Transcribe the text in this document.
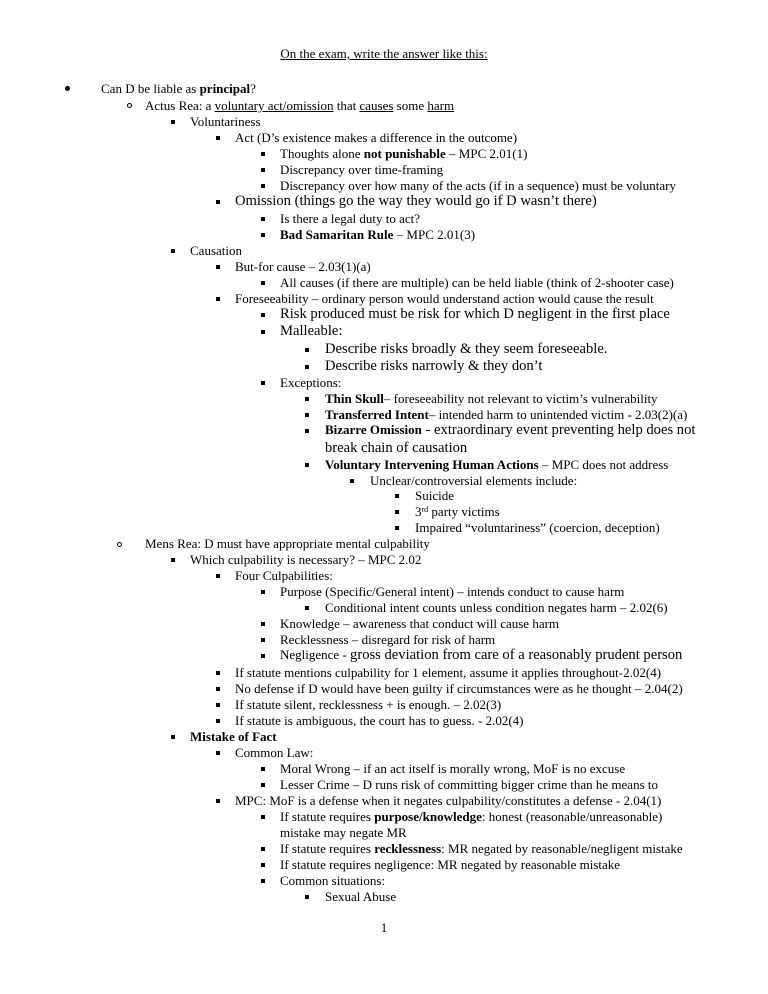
On the exam, write the answer like this:
Can D be liable as principal?
Actus Rea: a voluntary act/omission that causes some harm
Voluntariness
Act (D’s existence makes a difference in the outcome)
Thoughts alone not punishable – MPC 2.01(1)
Discrepancy over time-framing
Discrepancy over how many of the acts (if in a sequence) must be voluntary
Omission (things go the way they would go if D wasn’t there)
Is there a legal duty to act?
Bad Samaritan Rule – MPC 2.01(3)
Causation
But-for cause – 2.03(1)(a)
All causes (if there are multiple) can be held liable (think of 2-shooter case)
Foreseeability – ordinary person would understand action would cause the result
Risk produced must be risk for which D negligent in the first place
Malleable:
Describe risks broadly & they seem foreseeable.
Describe risks narrowly & they don’t
Exceptions:
Thin Skull– foreseeability not relevant to victim’s vulnerability
Transferred Intent– intended harm to unintended victim - 2.03(2)(a)
Bizarre Omission - extraordinary event preventing help does not
break chain of causation
Voluntary Intervening Human Actions – MPC does not address
Unclear/controversial elements include:
Suicide
3rd party victims
Impaired “voluntariness” (coercion, deception)
Mens Rea: D must have appropriate mental culpability
Which culpability is necessary? – MPC 2.02
Four Culpabilities:
Purpose (Specific/General intent) – intends conduct to cause harm
Conditional intent counts unless condition negates harm – 2.02(6)
Knowledge – awareness that conduct will cause harm
Recklessness – disregard for risk of harm
Negligence - gross deviation from care of a reasonably prudent person
If statute mentions culpability for 1 element, assume it applies throughout-2.02(4)
No defense if D would have been guilty if circumstances were as he thought – 2.04(2)
If statute silent, recklessness + is enough. – 2.02(3)
If statute is ambiguous, the court has to guess. - 2.02(4)
Mistake of Fact
Common Law:
Moral Wrong – if an act itself is morally wrong, MoF is no excuse
Lesser Crime – D runs risk of committing bigger crime than he means to
MPC: MoF is a defense when it negates culpability/constitutes a defense - 2.04(1)
If statute requires purpose/knowledge: honest (reasonable/unreasonable)
mistake may negate MR
If statute requires recklessness: MR negated by reasonable/negligent mistake
If statute requires negligence: MR negated by reasonable mistake
Common situations:
Sexual Abuse
1
